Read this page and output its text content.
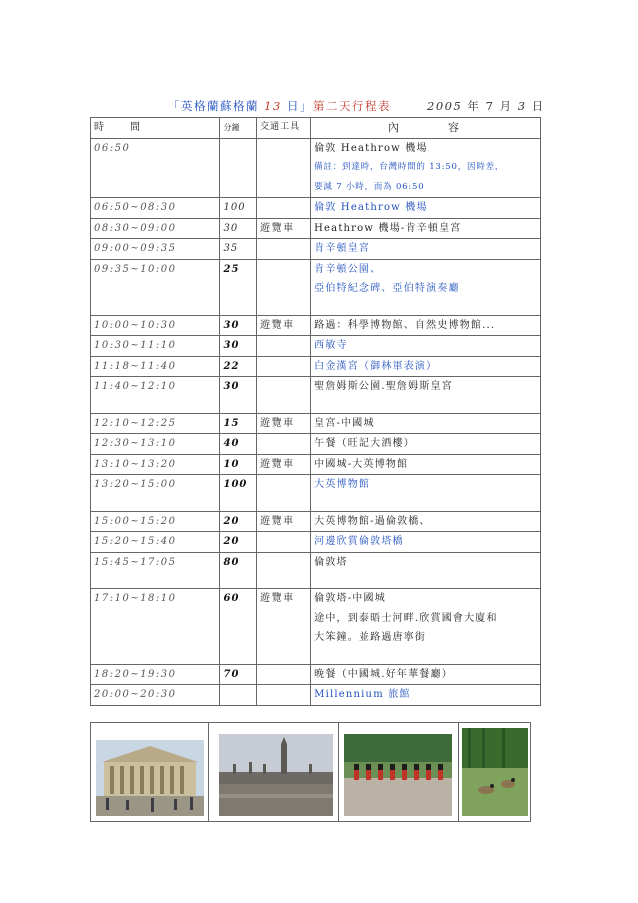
「英格蘭蘇格蘭 13 日」第二天行程表	2005 年 7 月 3 日
時　　間	分鐘	交通工具	內　　　容
06:50			倫敦 Heathrow 機場
備註：到達時，台灣時間的 13:50，因時差，
要減 7 小時，而為 06:50

06:50~08:30	100		倫敦 Heathrow 機場

08:30~09:00	30	遊覽車	Heathrow 機場-肯辛頓皇宮

09:00~09:35	35		肯辛頓皇宮

09:35~10:00	25		肯辛頓公園、
亞伯特紀念碑、亞伯特演奏廳

10:00~10:30	30	遊覽車	路過：科學博物館、自然史博物館...

10:30~11:10	30		西敏寺

11:18~11:40	22		白金漢宮（御林軍表演）

11:40~12:10	30		聖詹姆斯公園.聖詹姆斯皇宮

12:10~12:25	15	遊覽車	皇宮-中國城

12:30~13:10	40		午餐（旺記大酒樓）

13:10~13:20	10	遊覽車	中國城-大英博物館

13:20~15:00	100		大英博物館

15:00~15:20	20	遊覽車	大英博物館-過倫敦橋、

15:20~15:40	20		河邊欣賞倫敦塔橋

15:45~17:05	80		倫敦塔

17:10~18:10	60	遊覽車	倫敦塔-中國城
途中，到泰晤士河畔.欣賞國會大廈和
大笨鐘。並路過唐寧街

18:20~19:30	70		晚餐（中國城.好年華餐廳）

20:00~20:30			Millennium 旅館
